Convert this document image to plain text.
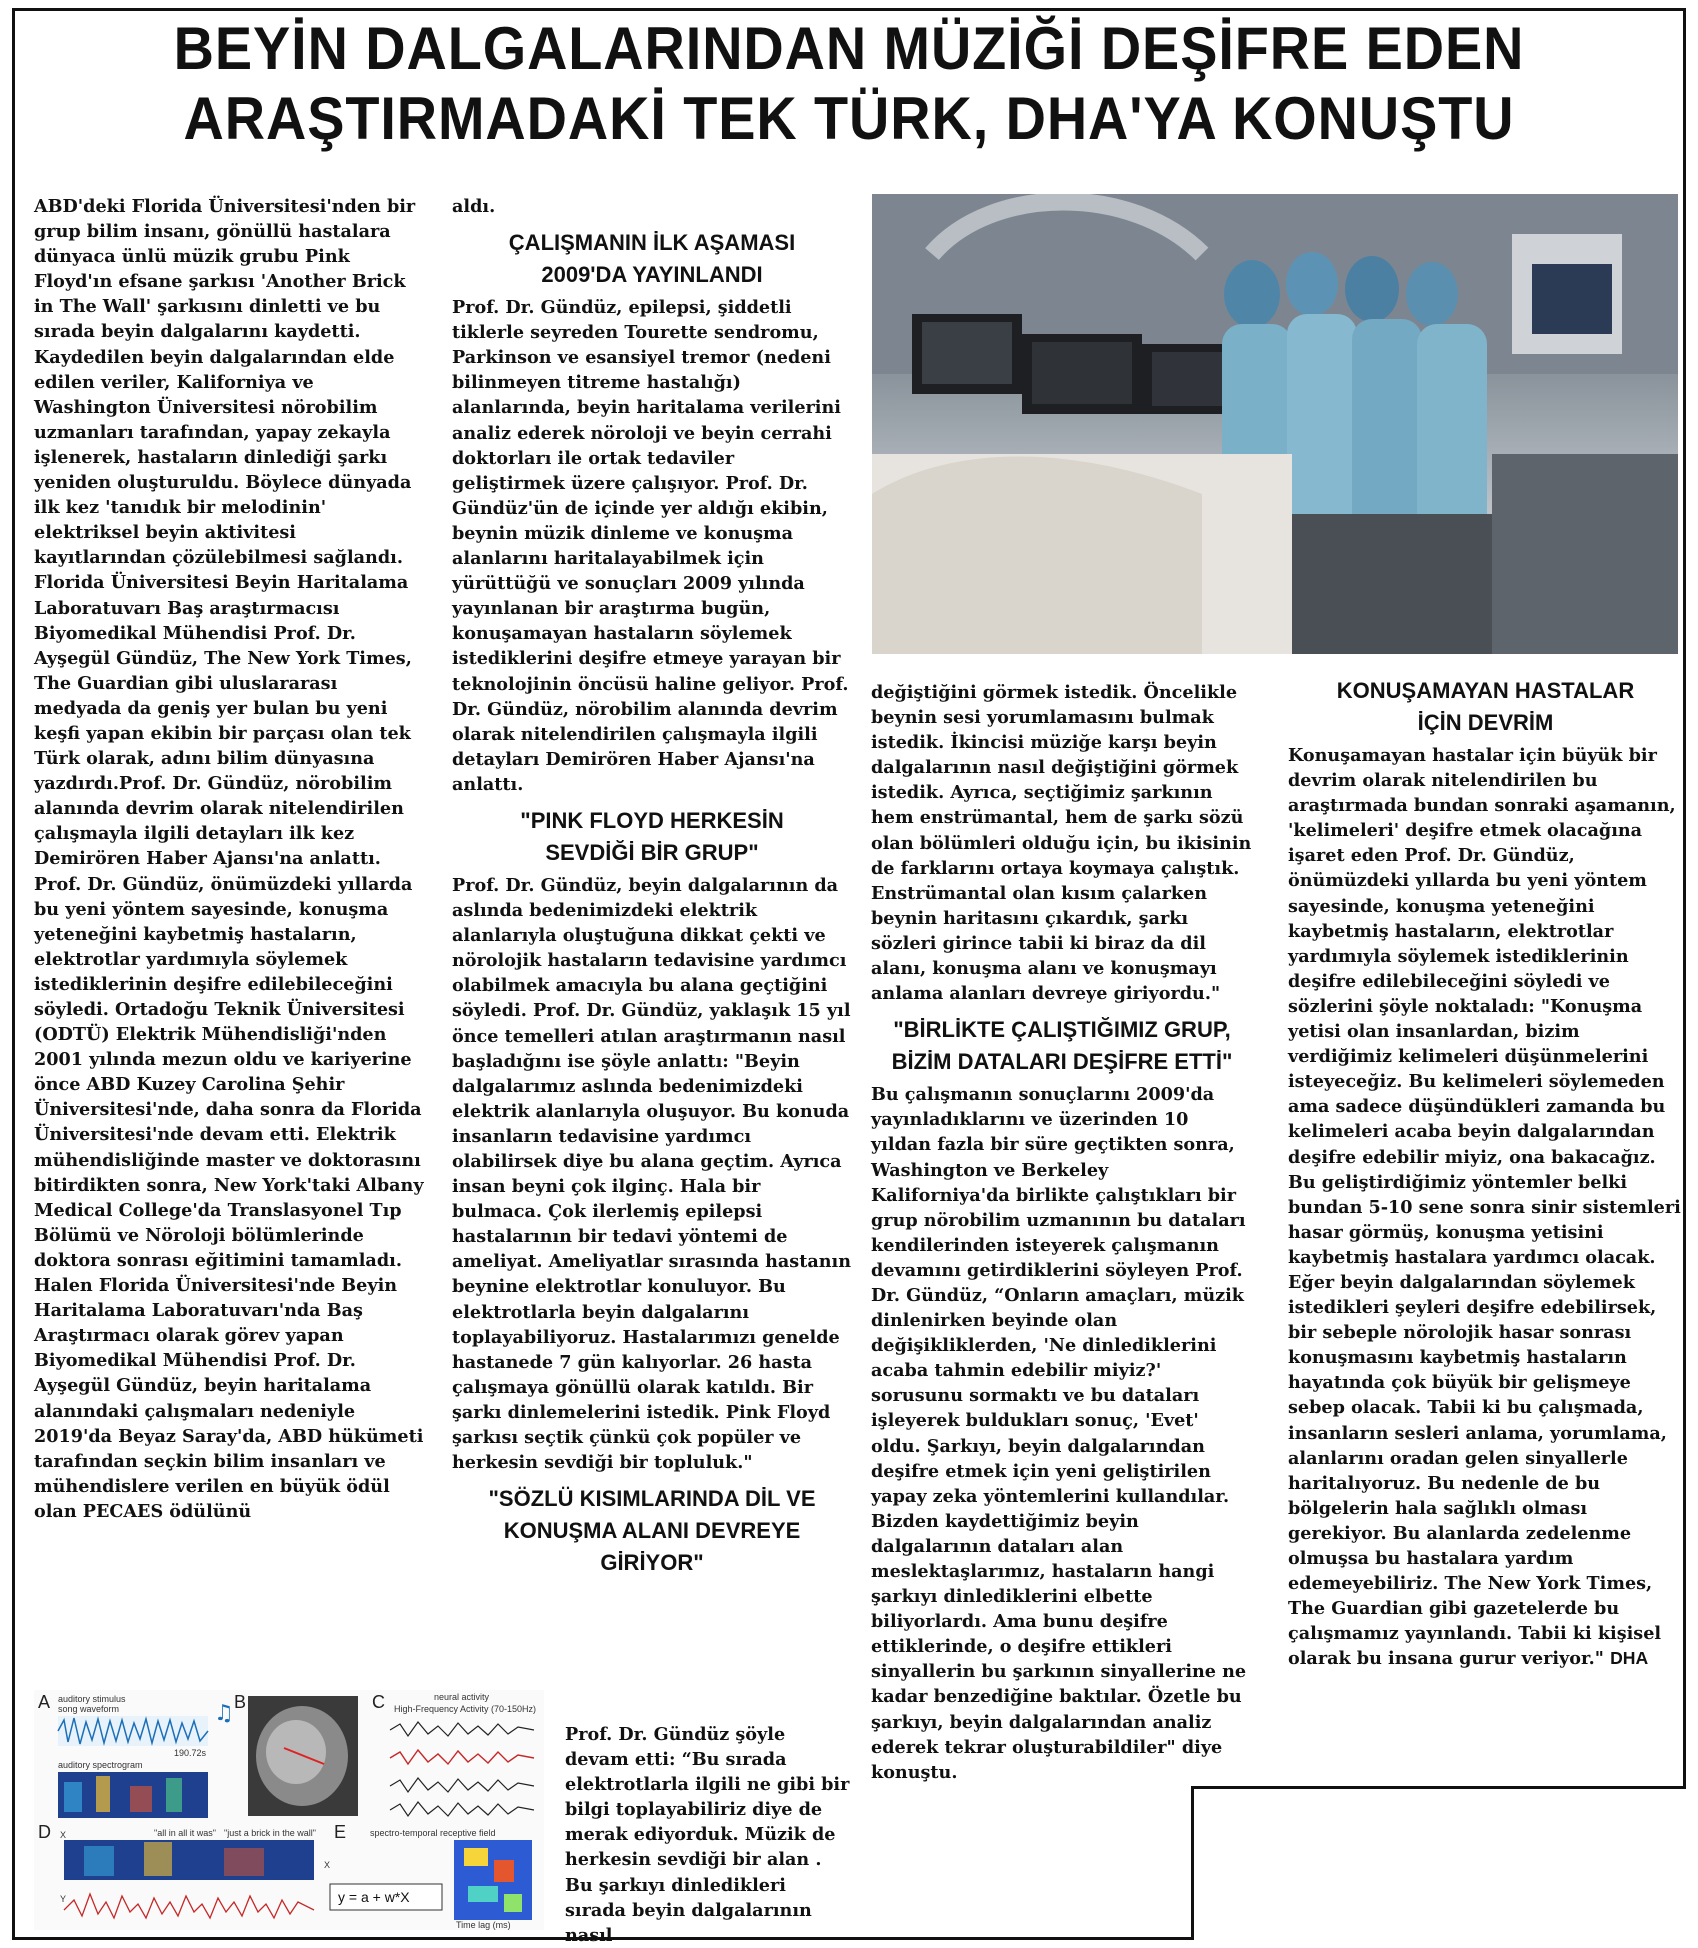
BEYİN DALGALARINDAN MÜZİĞİ DEŞİFRE EDEN
ARAŞTIRMADAKİ TEK TÜRK, DHA'YA KONUŞTU

ABD'deki Florida Üniversitesi'nden bir grup bilim insanı, gönüllü hastalara dünyaca ünlü müzik grubu Pink Floyd'ın efsane şarkısı 'Another Brick in The Wall' şarkısını dinletti ve bu sırada beyin dalgalarını kaydetti. Kaydedilen beyin dalgalarından elde edilen veriler, Kaliforniya ve Washington Üniversitesi nörobilim uzmanları tarafından, yapay zekayla işlenerek, hastaların dinlediği şarkı yeniden oluşturuldu. Böylece dünyada ilk kez 'tanıdık bir melodinin' elektriksel beyin aktivitesi kayıtlarından çözülebilmesi sağlandı. Florida Üniversitesi Beyin Haritalama Laboratuvarı Baş araştırmacısı Biyomedikal Mühendisi Prof. Dr. Ayşegül Gündüz, The New York Times, The Guardian gibi uluslararası medyada da geniş yer bulan bu yeni keşfi yapan ekibin bir parçası olan tek Türk olarak, adını bilim dünyasına yazdırdı.Prof. Dr. Gündüz, nörobilim alanında devrim olarak nitelendirilen çalışmayla ilgili detayları ilk kez Demirören Haber Ajansı'na anlattı. Prof. Dr. Gündüz, önümüzdeki yıllarda bu yeni yöntem sayesinde, konuşma yeteneğini kaybetmiş hastaların, elektrotlar yardımıyla söylemek istediklerinin deşifre edilebileceğini söyledi. Ortadoğu Teknik Üniversitesi (ODTÜ) Elektrik Mühendisliği'nden 2001 yılında mezun oldu ve kariyerine önce ABD Kuzey Carolina Şehir Üniversitesi'nde, daha sonra da Florida Üniversitesi'nde devam etti. Elektrik mühendisliğinde master ve doktorasını bitirdikten sonra, New York'taki Albany Medical College'da Translasyonel Tıp Bölümü ve Nöroloji bölümlerinde doktora sonrası eğitimini tamamladı. Halen Florida Üniversitesi'nde Beyin Haritalama Laboratuvarı'nda Baş Araştırmacı olarak görev yapan Biyomedikal Mühendisi Prof. Dr. Ayşegül Gündüz, beyin haritalama alanındaki çalışmaları nedeniyle 2019'da Beyaz Saray'da, ABD hükümeti tarafından seçkin bilim insanları ve mühendislere verilen en büyük ödül olan PECAES ödülünü

aldı.

ÇALIŞMANIN İLK AŞAMASI 2009'DA YAYINLANDI

Prof. Dr. Gündüz, epilepsi, şiddetli tiklerle seyreden Tourette sendromu, Parkinson ve esansiyel tremor (nedeni bilinmeyen titreme hastalığı) alanlarında, beyin haritalama verilerini analiz ederek nöroloji ve beyin cerrahi doktorları ile ortak tedaviler geliştirmek üzere çalışıyor. Prof. Dr. Gündüz'ün de içinde yer aldığı ekibin, beynin müzik dinleme ve konuşma alanlarını haritalayabilmek için yürüttüğü ve sonuçları 2009 yılında yayınlanan bir araştırma bugün, konuşamayan hastaların söylemek istediklerini deşifre etmeye yarayan bir teknolojinin öncüsü haline geliyor. Prof. Dr. Gündüz, nörobilim alanında devrim olarak nitelendirilen çalışmayla ilgili detayları Demirören Haber Ajansı'na anlattı.

"PINK FLOYD HERKESİN SEVDİĞİ BİR GRUP"

Prof. Dr. Gündüz, beyin dalgalarının da aslında bedenimizdeki elektrik alanlarıyla oluştuğuna dikkat çekti ve nörolojik hastaların tedavisine yardımcı olabilmek amacıyla bu alana geçtiğini söyledi. Prof. Dr. Gündüz, yaklaşık 15 yıl önce temelleri atılan araştırmanın nasıl başladığını ise şöyle anlattı: "Beyin dalgalarımız aslında bedenimizdeki elektrik alanlarıyla oluşuyor. Bu konuda insanların tedavisine yardımcı olabilirsek diye bu alana geçtim. Ayrıca insan beyni çok ilginç. Hala bir bulmaca. Çok ilerlemiş epilepsi hastalarının bir tedavi yöntemi de ameliyat. Ameliyatlar sırasında hastanın beynine elektrotlar konuluyor. Bu elektrotlarla beyin dalgalarını toplayabiliyoruz. Hastalarımızı genelde hastanede 7 gün kalıyorlar. 26 hasta çalışmaya gönüllü olarak katıldı. Bir şarkı dinlemelerini istedik. Pink Floyd şarkısı seçtik çünkü çok popüler ve herkesin sevdiği bir topluluk."

"SÖZLÜ KISIMLARINDA DİL VE KONUŞMA ALANI DEVREYE GİRİYOR"

Prof. Dr. Gündüz şöyle devam etti: “Bu sırada elektrotlarla ilgili ne gibi bir bilgi toplayabiliriz diye de merak ediyorduk. Müzik de herkesin sevdiği bir alan . Bu şarkıyı dinledikleri sırada beyin dalgalarının nasıl

değiştiğini görmek istedik. Öncelikle beynin sesi yorumlamasını bulmak istedik. İkincisi müziğe karşı beyin dalgalarının nasıl değiştiğini görmek istedik. Ayrıca, seçtiğimiz şarkının hem enstrümantal, hem de şarkı sözü olan bölümleri olduğu için, bu ikisinin de farklarını ortaya koymaya çalıştık. Enstrümantal olan kısım çalarken beynin haritasını çıkardık, şarkı sözleri girince tabii ki biraz da dil alanı, konuşma alanı ve konuşmayı anlama alanları devreye giriyordu."

"BİRLİKTE ÇALIŞTIĞIMIZ GRUP, BİZİM DATALARI DEŞİFRE ETTİ"

Bu çalışmanın sonuçlarını 2009'da yayınladıklarını ve üzerinden 10 yıldan fazla bir süre geçtikten sonra, Washington ve Berkeley Kaliforniya'da birlikte çalıştıkları bir grup nörobilim uzmanının bu dataları kendilerinden isteyerek çalışmanın devamını getirdiklerini söyleyen Prof. Dr. Gündüz, “Onların amaçları, müzik dinlenirken beyinde olan değişikliklerden, 'Ne dinlediklerini acaba tahmin edebilir miyiz?' sorusunu sormaktı ve bu dataları işleyerek buldukları sonuç, 'Evet' oldu. Şarkıyı, beyin dalgalarından deşifre etmek için yeni geliştirilen yapay zeka yöntemlerini kullandılar.

Bizden kaydettiğimiz beyin dalgalarının dataları alan meslektaşlarımız, hastaların hangi şarkıyı dinlediklerini elbette biliyorlardı. Ama bunu deşifre ettiklerinde, o deşifre ettikleri sinyallerin bu şarkının sinyallerine ne kadar benzediğine baktılar. Özetle bu şarkıyı, beyin dalgalarından analiz ederek tekrar oluşturabildiler" diye konuştu.

KONUŞAMAYAN HASTALAR İÇİN DEVRİM

Konuşamayan hastalar için büyük bir devrim olarak nitelendirilen bu araştırmada bundan sonraki aşamanın, 'kelimeleri' deşifre etmek olacağına işaret eden Prof. Dr. Gündüz, önümüzdeki yıllarda bu yeni yöntem sayesinde, konuşma yeteneğini kaybetmiş hastaların, elektrotlar yardımıyla söylemek istediklerinin deşifre edilebileceğini söyledi ve sözlerini şöyle noktaladı: "Konuşma yetisi olan insanlardan, bizim verdiğimiz kelimeleri düşünmelerini isteyeceğiz. Bu kelimeleri söylemeden ama sadece düşündükleri zamanda bu kelimeleri acaba beyin dalgalarından deşifre edebilir miyiz, ona bakacağız.

Bu geliştirdiğimiz yöntemler belki bundan 5-10 sene sonra sinir sistemleri hasar görmüş, konuşma yetisini kaybetmiş hastalara yardımcı olacak. Eğer beyin dalgalarından söylemek istedikleri şeyleri deşifre edebilirsek, bir sebeple nörolojik hasar sonrası konuşmasını kaybetmiş hastaların hayatında çok büyük bir gelişmeye sebep olacak. Tabii ki bu çalışmada, insanların sesleri anlama, yorumlama, alanlarını oradan gelen sinyallerle haritalıyoruz. Bu nedenle de bu bölgelerin hala sağlıklı olması gerekiyor. Bu alanlarda zedelenme olmuşsa bu hastalara yardım edemeyebiliriz. The New York Times, The Guardian gibi gazetelerde bu çalışmamız yayınlandı. Tabii ki kişisel olarak bu insana gurur veriyor." DHA

A auditory stimulus
song waveform	♫
190.72s
auditory spectrogram
B	C	neural activity
High-Frequency Activity (70-150Hz)
D X	"all in all it was" "just a brick in the wall"
X
Y	y = a + w*X
E	spectro-temporal receptive field
Time lag (ms)
